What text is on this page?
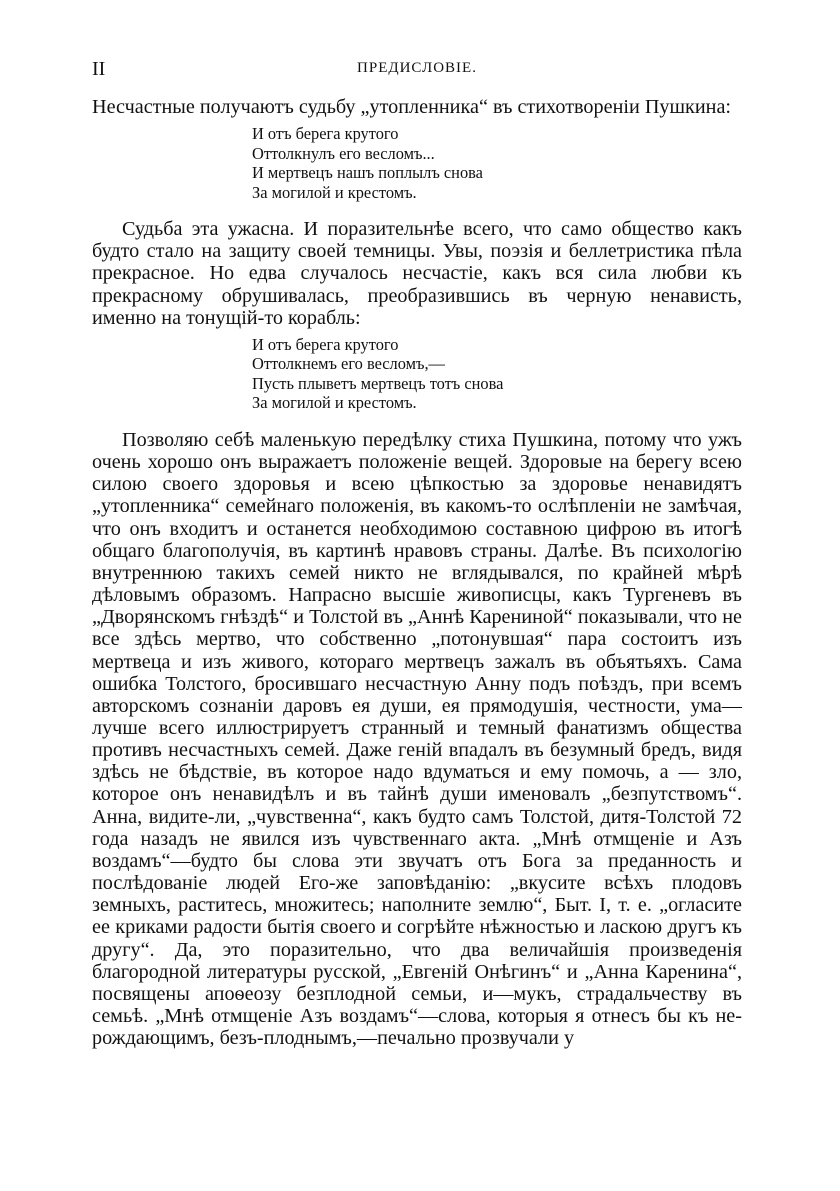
II	ПРЕДИСЛОВІЕ.

Несчастные получаютъ судьбу „утопленника“ въ стихотвореніи Пушкина:

И отъ берега крутого
Оттолкнулъ его весломъ...
И мертвецъ нашъ поплылъ снова
За могилой и крестомъ.

Судьба эта ужасна. И поразительнѣе всего, что само общество какъ будто стало на защиту своей темницы. Увы, поэзія и беллетристика пѣла прекрасное. Но едва случалось несчастіе, какъ вся сила любви къ прекрасному обрушивалась, преобразившись въ черную ненависть, именно на тонущій-то корабль:

И отъ берега крутого
Оттолкнемъ его весломъ,—
Пусть плыветъ мертвецъ тотъ снова
За могилой и крестомъ.

Позволяю себѣ маленькую передѣлку стиха Пушкина, потому что ужъ очень хорошо онъ выражаетъ положеніе вещей. Здоровые на берегу всею силою своего здоровья и всею цѣпкостью за здоровье ненавидятъ „утопленника“ семейнаго положенія, въ какомъ-то ослѣпленіи не замѣчая, что онъ входитъ и останется необходимою составною цифрою въ итогѣ общаго благополучія, въ картинѣ нравовъ страны. Далѣе. Въ психологію внутреннюю такихъ семей никто не вглядывался, по крайней мѣрѣ дѣловымъ образомъ. Напрасно высшіе живописцы, какъ Тургеневъ въ „Дворянскомъ гнѣздѣ“ и Толстой въ „Аннѣ Карениной“ показывали, что не все здѣсь мертво, что собственно „потонувшая“ пара состоитъ изъ мертвеца и изъ живого, котораго мертвецъ зажалъ въ объятьяхъ. Сама ошибка Толстого, бросившаго несчастную Анну подъ поѣздъ, при всемъ авторскомъ сознаніи даровъ ея души, ея прямодушія, честности, ума—лучше всего иллюстрируетъ странный и темный фанатизмъ общества противъ несчастныхъ семей. Даже геній впадалъ въ безумный бредъ, видя здѣсь не бѣдствіе, въ которое надо вдуматься и ему помочь, а — зло, которое онъ ненавидѣлъ и въ тайнѣ души именовалъ „безпутствомъ“. Анна, видите-ли, „чувственна“, какъ будто самъ Толстой, дитя-Толстой 72 года назадъ не явился изъ чувственнаго акта. „Мнѣ отмщеніе и Азъ воздамъ“—будто бы слова эти звучатъ отъ Бога за преданность и послѣдованіе людей Его-же заповѣданію: „вкусите всѣхъ плодовъ земныхъ, раститесь, множитесь; наполните землю“, Быт. I, т. е. „огласите ее криками радости бытія своего и согрѣйте нѣжностью и ласкою другъ къ другу“. Да, это поразительно, что два величайшія произведенія благородной литературы русской, „Евгеній Онѣгинъ“ и „Анна Каренина“, посвящены апоѳеозу безплодной семьи, и—мукъ, страдальчеству въ семьѣ. „Мнѣ отмщеніе Азъ воздамъ“—слова, которыя я отнесъ бы къ не-рождающимъ, безъ-плоднымъ,—печально прозвучали у
